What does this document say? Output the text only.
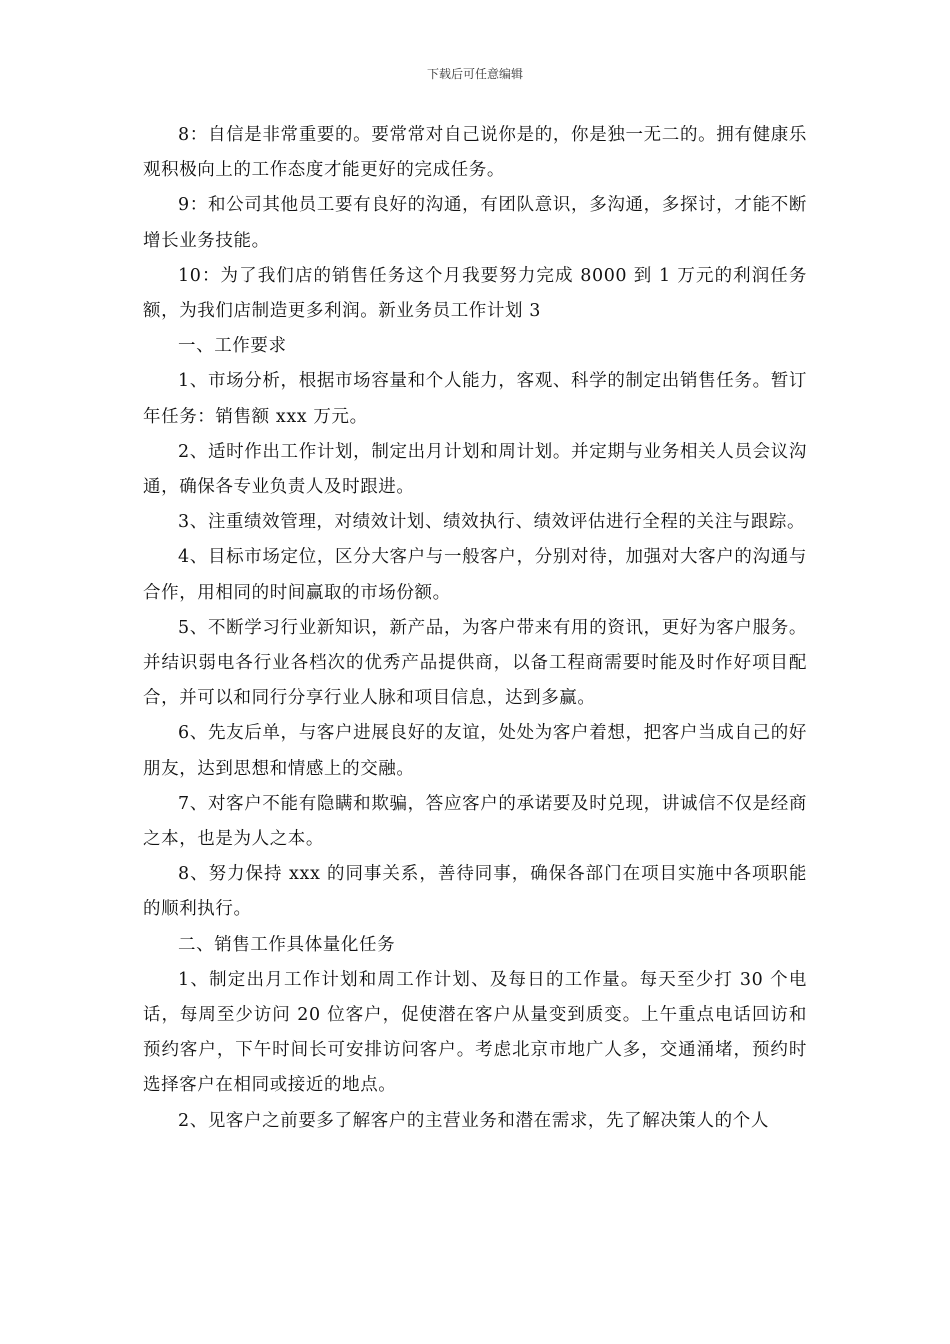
下载后可任意编辑

8：自信是非常重要的。要常常对自己说你是的，你是独一无二的。拥有健康乐观积极向上的工作态度才能更好的完成任务。

9：和公司其他员工要有良好的沟通，有团队意识，多沟通，多探讨，才能不断增长业务技能。

10：为了我们店的销售任务这个月我要努力完成 8000 到 1 万元的利润任务额，为我们店制造更多利润。新业务员工作计划 3

一、工作要求

1、市场分析，根据市场容量和个人能力，客观、科学的制定出销售任务。暂订年任务：销售额 xxx 万元。

2、适时作出工作计划，制定出月计划和周计划。并定期与业务相关人员会议沟通，确保各专业负责人及时跟进。

3、注重绩效管理，对绩效计划、绩效执行、绩效评估进行全程的关注与跟踪。

4、目标市场定位，区分大客户与一般客户，分别对待，加强对大客户的沟通与合作，用相同的时间赢取的市场份额。

5、不断学习行业新知识，新产品，为客户带来有用的资讯，更好为客户服务。并结识弱电各行业各档次的优秀产品提供商，以备工程商需要时能及时作好项目配合，并可以和同行分享行业人脉和项目信息，达到多赢。

6、先友后单，与客户进展良好的友谊，处处为客户着想，把客户当成自己的好朋友，达到思想和情感上的交融。

7、对客户不能有隐瞒和欺骗，答应客户的承诺要及时兑现，讲诚信不仅是经商之本，也是为人之本。

8、努力保持 xxx 的同事关系，善待同事，确保各部门在项目实施中各项职能的顺利执行。

二、销售工作具体量化任务

1、制定出月工作计划和周工作计划、及每日的工作量。每天至少打 30 个电话，每周至少访问 20 位客户，促使潜在客户从量变到质变。上午重点电话回访和预约客户，下午时间长可安排访问客户。考虑北京市地广人多，交通涌堵，预约时选择客户在相同或接近的地点。

2、见客户之前要多了解客户的主营业务和潜在需求，先了解决策人的个人
